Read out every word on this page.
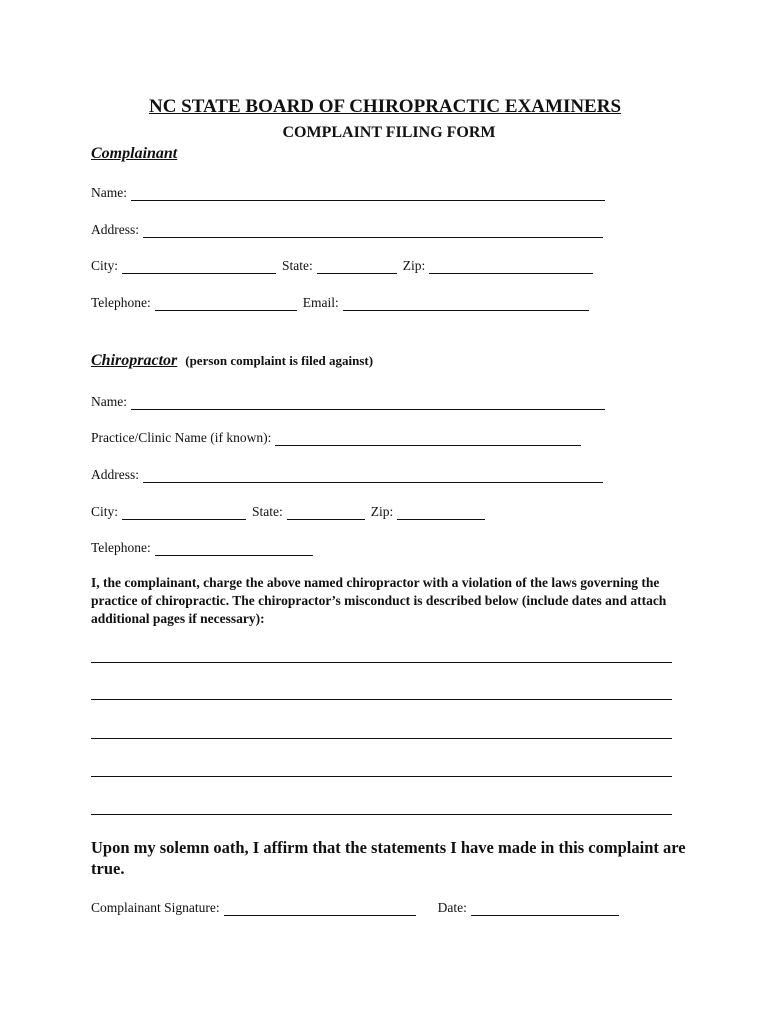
NC STATE BOARD OF CHIROPRACTIC EXAMINERS
COMPLAINT FILING FORM
Complainant
Name:
Address:
City:	State:	Zip:
Telephone:	Email:
Chiropractor (person complaint is filed against)
Name:
Practice/Clinic Name (if known):
Address:
City:	State:	Zip:
Telephone:
I, the complainant, charge the above named chiropractor with a violation of the laws governing the practice of chiropractic. The chiropractor’s misconduct is described below (include dates and attach additional pages if necessary):
Upon my solemn oath, I affirm that the statements I have made in this complaint are true.
Complainant Signature:	Date:
